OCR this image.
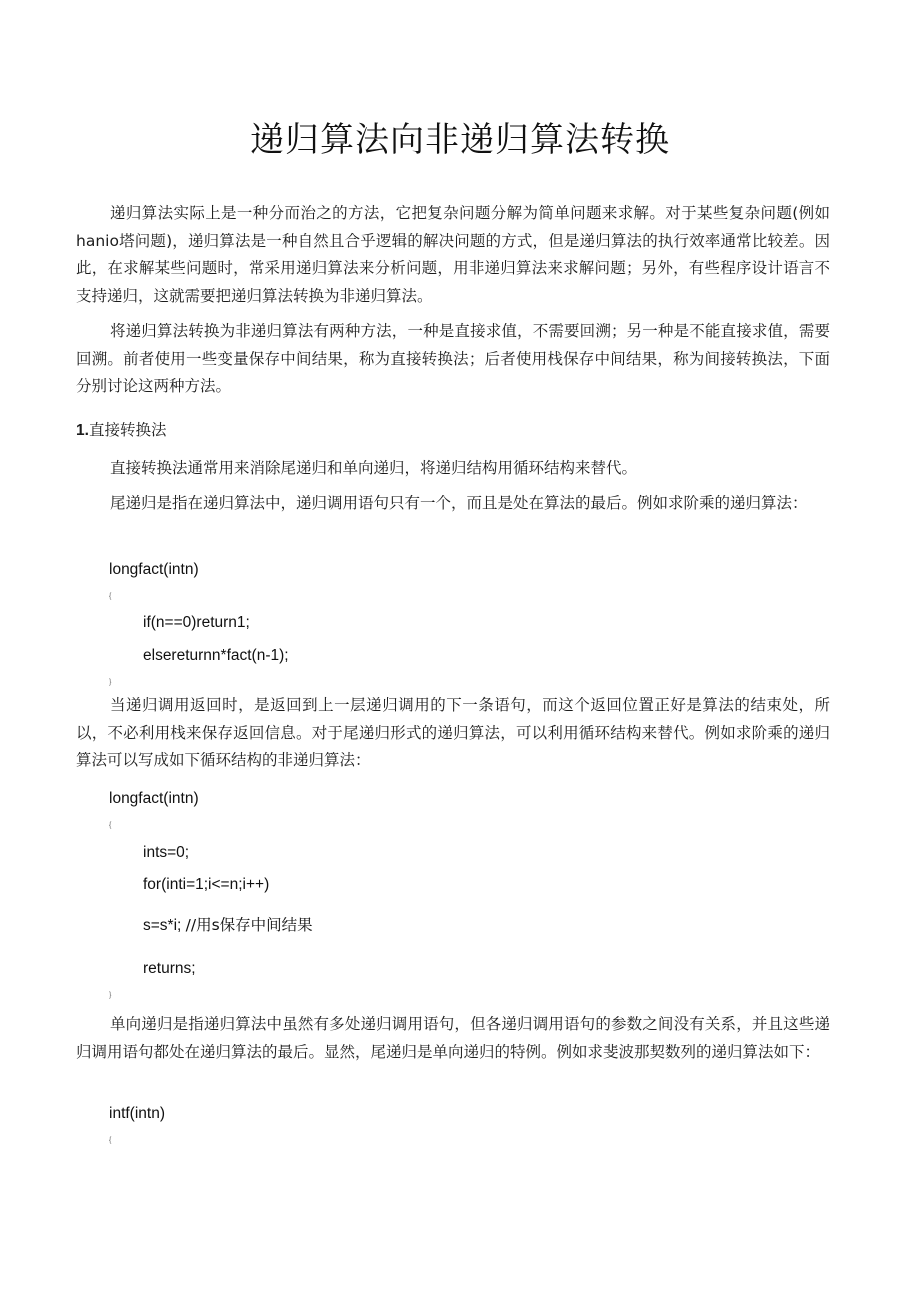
递归算法向非递归算法转换

递归算法实际上是一种分而治之的方法，它把复杂问题分解为简单问题来求解。对于某些复杂问题(例如hanio塔问题)，递归算法是一种自然且合乎逻辑的解决问题的方式，但是递归算法的执行效率通常比较差。因此，在求解某些问题时，常采用递归算法来分析问题，用非递归算法来求解问题；另外，有些程序设计语言不支持递归，这就需要把递归算法转换为非递归算法。

将递归算法转换为非递归算法有两种方法，一种是直接求值，不需要回溯；另一种是不能直接求值，需要回溯。前者使用一些变量保存中间结果，称为直接转换法；后者使用栈保存中间结果，称为间接转换法，下面分别讨论这两种方法。

1.直接转换法

直接转换法通常用来消除尾递归和单向递归，将递归结构用循环结构来替代。

尾递归是指在递归算法中，递归调用语句只有一个，而且是处在算法的最后。例如求阶乘的递归算法：

longfact(intn)
{
if(n==0)return1;
elsereturnn*fact(n-1);
}

当递归调用返回时，是返回到上一层递归调用的下一条语句，而这个返回位置正好是算法的结束处，所以，不必利用栈来保存返回信息。对于尾递归形式的递归算法，可以利用循环结构来替代。例如求阶乘的递归算法可以写成如下循环结构的非递归算法：

longfact(intn)
{
ints=0;
for(inti=1;i<=n;i++)
s=s*i; //用s保存中间结果
returns;
}

单向递归是指递归算法中虽然有多处递归调用语句，但各递归调用语句的参数之间没有关系，并且这些递归调用语句都处在递归算法的最后。显然，尾递归是单向递归的特例。例如求斐波那契数列的递归算法如下：

intf(intn)
{
